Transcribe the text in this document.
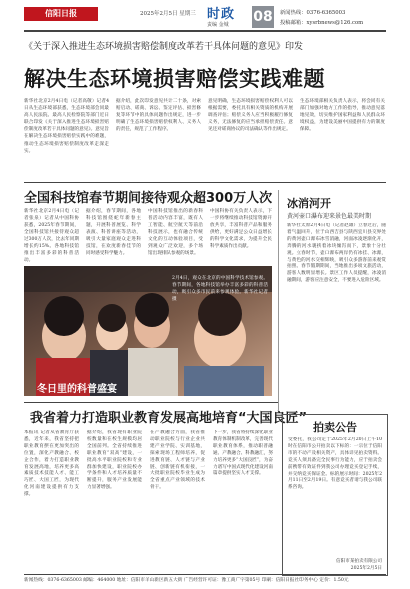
信阳日报	2025年2月5日 星期三 时政
责编 金城 08 新闻热线：0376-6365003
投稿邮箱：xysrbnews@126.com
《关于深入推进生态环境损害赔偿制度改革若干具体问题的意见》印发
解决生态环境损害赔偿实践难题
新华社北京2月4日电（记者高敬）记者4日从生态环境部获悉，生态环境部会同最高人民法院、最高人民检察院等部门近日联合印发《关于深入推进生态环境损害赔偿制度改革若干具体问题的意见》。意见旨在解决生态环境损害赔偿实践中的难题，推动生态环境损害赔偿制度改革走深走实。
据介绍，此次印发意见共计二十条，对索赔启动、磋商、诉讼、鉴定评估、损害修复等环节中的具体问题作出规定，进一步明确了生态环境损害赔偿权利人、义务人的责任，规范了工作程序。
意见明确，生态环境损害赔偿权利人可以根据需要，委托具有相关资质的机构开展调查评估；赔偿义务人应当积极履行修复义务，无法修复的应当承担赔偿责任。意见还对磋商协议的司法确认等作出规定。
生态环境部相关负责人表示，将会同有关部门加强对地方工作的指导，推动意见落地见效，切实维护国家利益和人民群众环境权益，为建设美丽中国提供有力的制度保障。
全国科技馆春节期间接待观众超300万人次
新华社北京2月4日电（记者张泉）记者从中国科协获悉，2025年春节期间，全国科技馆共接待观众超过300万人次，比去年同期增长约15%。各地科技馆推出丰富多彩的科普活动。
据介绍，春节期间，各地科技馆围绕蛇年新春主题，开展科普展览、科学表演、科普讲座等活动，吸引大量家庭观众走进科技馆，在欢度新春佳节的同时感受科学魅力。
中国科技馆推出的新春科普活动内容丰富，既有人工智能、航空航天等前沿科技展示，也有融合传统文化的互动体验项目，受到观众广泛欢迎，多个场馆出现排队参观的场景。
中国科协有关负责人表示，下一步将继续推动科技馆资源开放共享，丰富科普产品和服务供给，更好满足公众日益增长的科学文化需求，为提升全民科学素质作出贡献。
2月4日，观众在北京的中国科学技术馆参观。春节期间，各地科技馆举办丰富多彩的科普活动，吸引众多市民前来参观体验。新华社记者 摄
冬日里的科普盛宴
冰消河开
黄河壶口瀑布迎来景色最美时期
新华社太原2月4日电（记者赵雄）立春过后，随着气温回升，位于山西吉县与陕西宜川县交界处的黄河壶口瀑布冰雪消融，河面冰凌逐渐化开，奔腾的河水裹挟着冰块倾泻而下，景象十分壮观。立春时节，壶口瀑布两岸仍有冰挂、冰瀑，与黄色的河水交相辉映，吸引众多游客前来观赏拍照。春节假期期间，当地推出多项文旅活动，游客人数明显增长。景区工作人员提醒，冰凌消融期间，游客应注意安全，不要进入危险区域。
我省着力打造职业教育发展高地培育“大国良匠”
本报讯 记者从省教育厅获悉，近年来，我省坚持把职业教育摆在更加突出的位置，深化产教融合、校企合作，着力打造职业教育发展高地，培养更多高素质技术技能人才、能工巧匠、大国工匠，为现代化河南建设提供有力支撑。
据介绍，我省现有职业院校数量和在校生规模均居全国前列。全省持续推进职业教育“双高”建设，一批高水平职业院校和专业群加快建设，职业院校办学条件和人才培养质量不断提升，服务产业发展能力显著增强。
在产教融合方面，我省推动职业院校与行业企业共建产业学院、实训基地，探索现场工程师培养，促进教育链、人才链与产业链、创新链有机衔接，一大批职业院校毕业生成为全省重点产业领域的技术骨干。
下一步，我省将持续深化职业教育体制机制改革，完善现代职业教育体系，推动职普融通、产教融合、科教融汇，努力培养更多“大国良匠”，为奋力谱写中国式现代化建设河南篇章提供坚实人才支撑。
拍卖公告
受委托，我公司定于2025年2月20日上午10时在信阳市公开拍卖以下标的：一宗位于信阳市的不动产及相关资产，具体详见拍卖资料。竞买人须具备完全民事行为能力，应于拍卖会前携带有效证件到我公司办理竞买登记手续，并交纳竞买保证金。标的展示时间：2025年2月11日至2月19日。有意竞买者请与我公司联系咨询。
信阳市某拍卖有限公司
2025年2月5日
新闻热线：0376-6365003 邮编：464000 地址：信阳市羊山新区新五大街 广告经营许可证：豫工商广字第05号 印刷：信阳日报社印务中心 定价：1.50元
